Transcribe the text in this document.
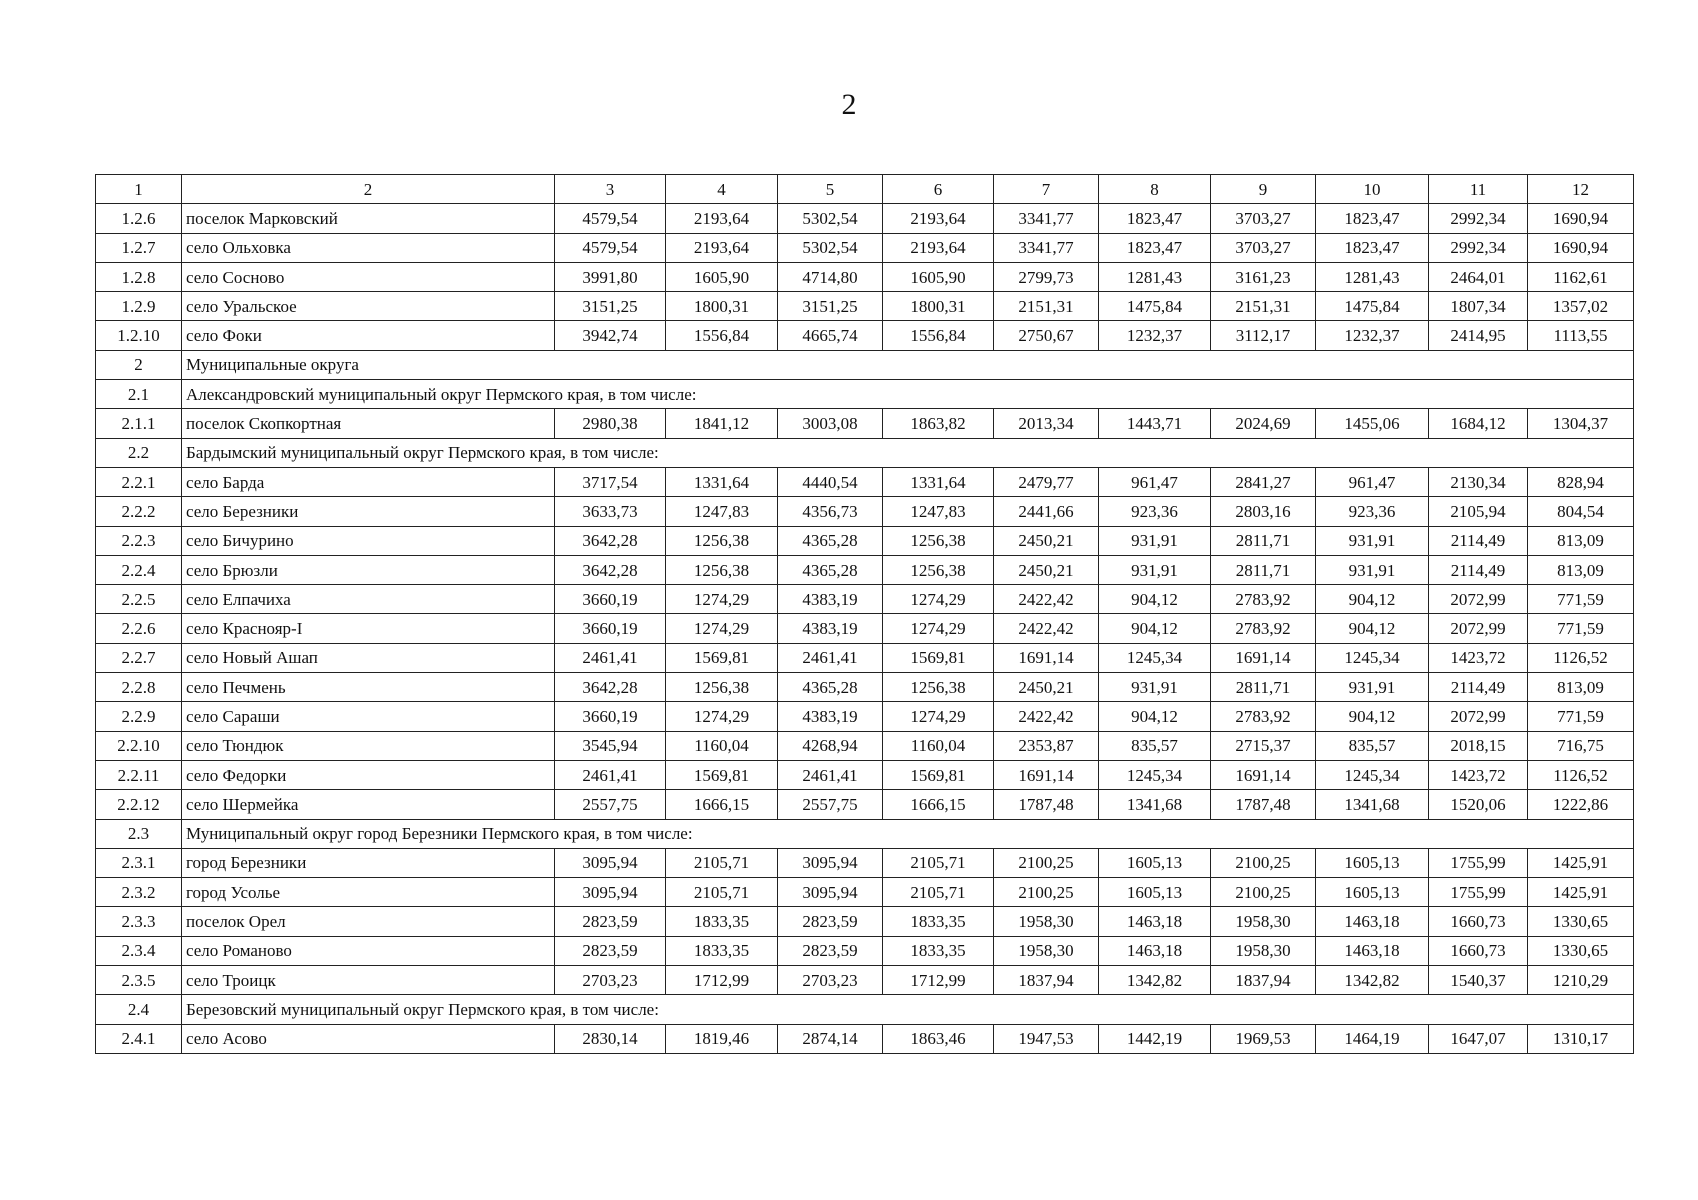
2
1	2	3	4	5	6	7	8	9	10	11	12
1.2.6	поселок Марковский	4579,54	2193,64	5302,54	2193,64	3341,77	1823,47	3703,27	1823,47	2992,34	1690,94
1.2.7	село Ольховка	4579,54	2193,64	5302,54	2193,64	3341,77	1823,47	3703,27	1823,47	2992,34	1690,94
1.2.8	село Сосново	3991,80	1605,90	4714,80	1605,90	2799,73	1281,43	3161,23	1281,43	2464,01	1162,61
1.2.9	село Уральское	3151,25	1800,31	3151,25	1800,31	2151,31	1475,84	2151,31	1475,84	1807,34	1357,02
1.2.10	село Фоки	3942,74	1556,84	4665,74	1556,84	2750,67	1232,37	3112,17	1232,37	2414,95	1113,55
2	Муниципальные округа										
2.1	Александровский муниципальный округ Пермского края, в том числе:										
2.1.1	поселок Скопкортная	2980,38	1841,12	3003,08	1863,82	2013,34	1443,71	2024,69	1455,06	1684,12	1304,37
2.2	Бардымский муниципальный округ Пермского края, в том числе:										
2.2.1	село Барда	3717,54	1331,64	4440,54	1331,64	2479,77	961,47	2841,27	961,47	2130,34	828,94
2.2.2	село Березники	3633,73	1247,83	4356,73	1247,83	2441,66	923,36	2803,16	923,36	2105,94	804,54
2.2.3	село Бичурино	3642,28	1256,38	4365,28	1256,38	2450,21	931,91	2811,71	931,91	2114,49	813,09
2.2.4	село Брюзли	3642,28	1256,38	4365,28	1256,38	2450,21	931,91	2811,71	931,91	2114,49	813,09
2.2.5	село Елпачиха	3660,19	1274,29	4383,19	1274,29	2422,42	904,12	2783,92	904,12	2072,99	771,59
2.2.6	село Краснояр-I	3660,19	1274,29	4383,19	1274,29	2422,42	904,12	2783,92	904,12	2072,99	771,59
2.2.7	село Новый Ашап	2461,41	1569,81	2461,41	1569,81	1691,14	1245,34	1691,14	1245,34	1423,72	1126,52
2.2.8	село Печмень	3642,28	1256,38	4365,28	1256,38	2450,21	931,91	2811,71	931,91	2114,49	813,09
2.2.9	село Сараши	3660,19	1274,29	4383,19	1274,29	2422,42	904,12	2783,92	904,12	2072,99	771,59
2.2.10	село Тюндюк	3545,94	1160,04	4268,94	1160,04	2353,87	835,57	2715,37	835,57	2018,15	716,75
2.2.11	село Федорки	2461,41	1569,81	2461,41	1569,81	1691,14	1245,34	1691,14	1245,34	1423,72	1126,52
2.2.12	село Шермейка	2557,75	1666,15	2557,75	1666,15	1787,48	1341,68	1787,48	1341,68	1520,06	1222,86
2.3	Муниципальный округ город Березники Пермского края, в том числе:										
2.3.1	город Березники	3095,94	2105,71	3095,94	2105,71	2100,25	1605,13	2100,25	1605,13	1755,99	1425,91
2.3.2	город Усолье	3095,94	2105,71	3095,94	2105,71	2100,25	1605,13	2100,25	1605,13	1755,99	1425,91
2.3.3	поселок Орел	2823,59	1833,35	2823,59	1833,35	1958,30	1463,18	1958,30	1463,18	1660,73	1330,65
2.3.4	село Романово	2823,59	1833,35	2823,59	1833,35	1958,30	1463,18	1958,30	1463,18	1660,73	1330,65
2.3.5	село Троицк	2703,23	1712,99	2703,23	1712,99	1837,94	1342,82	1837,94	1342,82	1540,37	1210,29
2.4	Березовский муниципальный округ Пермского края, в том числе:										
2.4.1	село Асово	2830,14	1819,46	2874,14	1863,46	1947,53	1442,19	1969,53	1464,19	1647,07	1310,17
